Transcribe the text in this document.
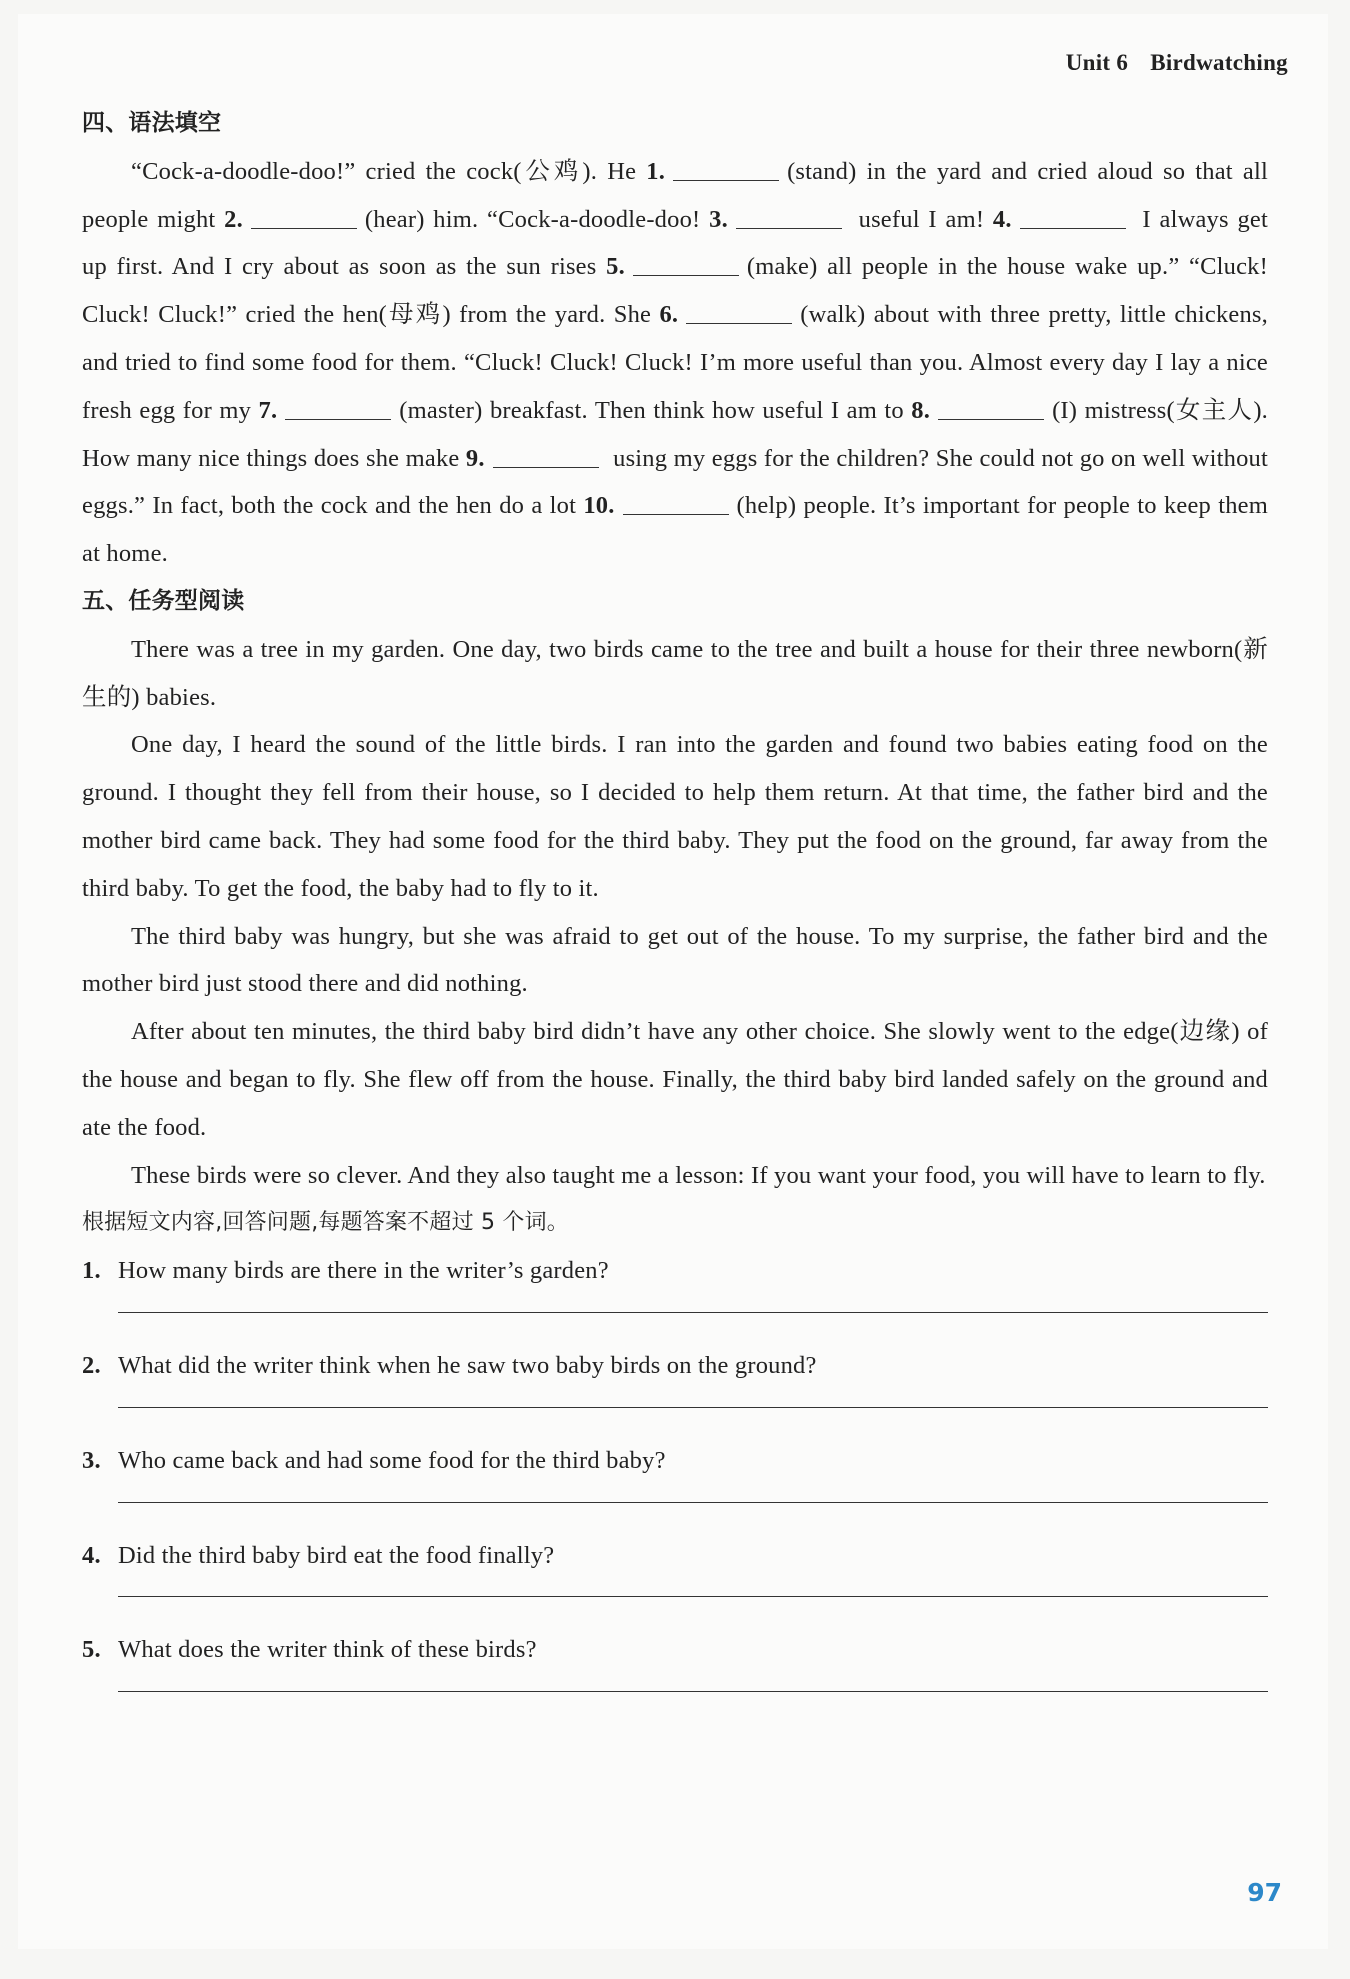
Unit 6 Birdwatching
四、语法填空

“Cock-a-doodle-doo!” cried the cock(公鸡). He 1.	(stand) in the yard and cried aloud so that all people might 2.	(hear) him. “Cock-a-doodle-doo! 3.	useful I am! 4.	I always get up first. And I cry about as soon as the sun rises 5.	(make) all people in the house wake up.” “Cluck! Cluck! Cluck!” cried the hen(母鸡) from the yard. She 6.	(walk) about with three pretty, little chickens, and tried to find some food for them. “Cluck! Cluck! Cluck! I’m more useful than you. Almost every day I lay a nice fresh egg for my 7.	(master) breakfast. Then think how useful I am to 8.	(I) mistress(女主人). How many nice things does she make 9.	using my eggs for the children? She could not go on well without eggs.” In fact, both the cock and the hen do a lot 10.	(help) people. It’s important for people to keep them at home.

五、任务型阅读

There was a tree in my garden. One day, two birds came to the tree and built a house for their three newborn(新生的) babies.

One day, I heard the sound of the little birds. I ran into the garden and found two babies eating food on the ground. I thought they fell from their house, so I decided to help them return. At that time, the father bird and the mother bird came back. They had some food for the third baby. They put the food on the ground, far away from the third baby. To get the food, the baby had to fly to it.

The third baby was hungry, but she was afraid to get out of the house. To my surprise, the father bird and the mother bird just stood there and did nothing.

After about ten minutes, the third baby bird didn’t have any other choice. She slowly went to the edge(边缘) of the house and began to fly. She flew off from the house. Finally, the third baby bird landed safely on the ground and ate the food.

These birds were so clever. And they also taught me a lesson: If you want your food, you will have to learn to fly.

根据短文内容,回答问题,每题答案不超过 5 个词。
1. How many birds are there in the writer’s garden?
2. What did the writer think when he saw two baby birds on the ground?
3. Who came back and had some food for the third baby?
4. Did the third baby bird eat the food finally?
5. What does the writer think of these birds?
97
